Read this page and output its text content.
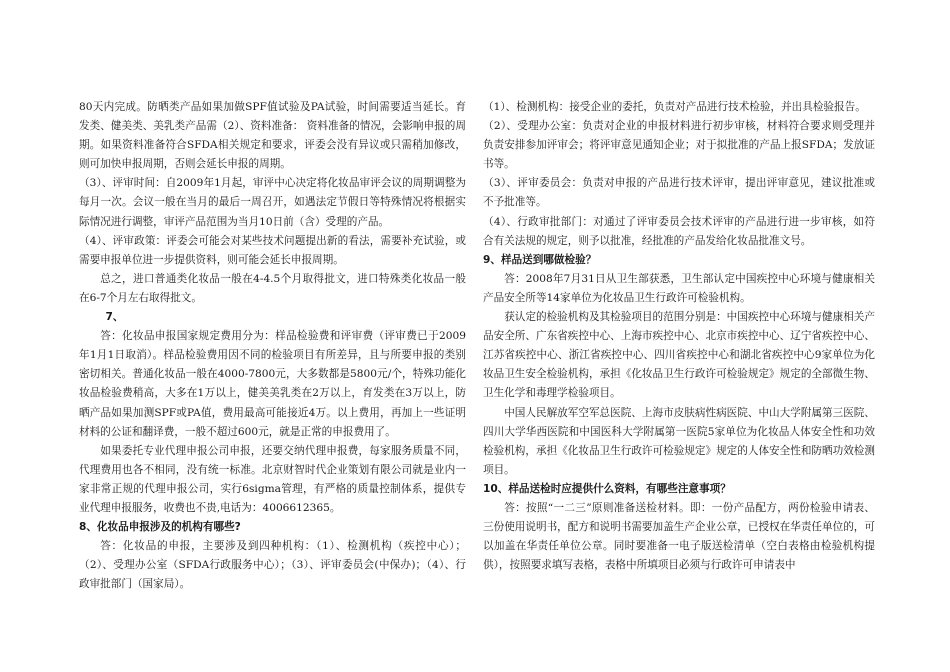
80天内完成。防晒类产品如果加做SPF值试验及PA试验，时间需要适当延长。育发类、健美类、美乳类产品需（2）、资料准备： 资料准备的情况，会影响申报的周期。如果资料准备符合SFDA相关规定和要求，评委会没有异议或只需稍加修改，则可加快申报周期，否则会延长申报的周期。

（3）、评审时间：自2009年1月起，审评中心决定将化妆品审评会议的周期调整为每月一次。会议一般在当月的最后一周召开，如遇法定节假日等特殊情况将根据实际情况进行调整，审评产品范围为当月10日前（含）受理的产品。

（4）、评审政策：评委会可能会对某些技术问题提出新的看法，需要补充试验，或需要申报单位进一步提供资料，则可能会延长申报周期。

总之，进口普通类化妆品一般在4-4.5个月取得批文，进口特殊类化妆品一般在6-7个月左右取得批文。

7、

答：化妆品申报国家规定费用分为：样品检验费和评审费（评审费已于2009年1月1日取消）。样品检验费用因不同的检验项目有所差异，且与所要申报的类别密切相关。普通化妆品一般在4000-7800元，大多数都是5800元/个，特殊功能化妆品检验费稍高，大多在1万以上，健美美乳类在2万以上，育发类在3万以上，防晒产品如果加测SPF或PA值，费用最高可能接近4万。以上费用，再加上一些证明材料的公证和翻译费，一般不超过600元，就是正常的申报费用了。

如果委托专业代理申报公司申报，还要交纳代理申报费，每家服务质量不同，代理费用也各不相同，没有统一标准。北京财智时代企业策划有限公司就是业内一家非常正规的代理申报公司，实行6sigma管理，有严格的质量控制体系，提供专业代理申报服务，收费也不贵,电话为：4006612365。

8、化妆品申报涉及的机构有哪些?

答：化妆品的申报，主要涉及到四种机构：（1）、检测机构（疾控中心）；（2）、受理办公室（SFDA行政服务中心）；（3）、评审委员会(中保办)；（4）、行政审批部门（国家局）。

（1）、检测机构：接受企业的委托，负责对产品进行技术检验，并出具检验报告。

（2）、受理办公室：负责对企业的申报材料进行初步审核，材料符合要求则受理并负责安排参加评审会；将评审意见通知企业；对于拟批准的产品上报SFDA；发放证书等。

（3）、评审委员会：负责对申报的产品进行技术评审，提出评审意见，建议批准或不予批准等。

（4）、行政审批部门：对通过了评审委员会技术评审的产品进行进一步审核，如符合有关法规的规定，则予以批准，经批准的产品发给化妆品批准文号。

9、样品送到哪做检验？

答：2008年7月31日从卫生部获悉，卫生部认定中国疾控中心环境与健康相关产品安全所等14家单位为化妆品卫生行政许可检验机构。

获认定的检验机构及其检验项目的范围分别是：中国疾控中心环境与健康相关产品安全所、广东省疾控中心、上海市疾控中心、北京市疾控中心、辽宁省疾控中心、江苏省疾控中心、浙江省疾控中心、四川省疾控中心和湖北省疾控中心9家单位为化妆品卫生安全检验机构，承担《化妆品卫生行政许可检验规定》规定的全部微生物、卫生化学和毒理学检验项目。

中国人民解放军空军总医院、上海市皮肤病性病医院、中山大学附属第三医院、四川大学华西医院和中国医科大学附属第一医院5家单位为化妆品人体安全性和功效检验机构，承担《化妆品卫生行政许可检验规定》规定的人体安全性和防晒功效检测项目。

10、样品送检时应提供什么资料，有哪些注意事项？

答：按照“一二三”原则准备送检材料。即：一份产品配方，两份检验申请表、三份使用说明书，配方和说明书需要加盖生产企业公章，已授权在华责任单位的，可以加盖在华责任单位公章。同时要准备一电子版送检清单（空白表格由检验机构提供），按照要求填写表格，表格中所填项目必须与行政许可申请表中
